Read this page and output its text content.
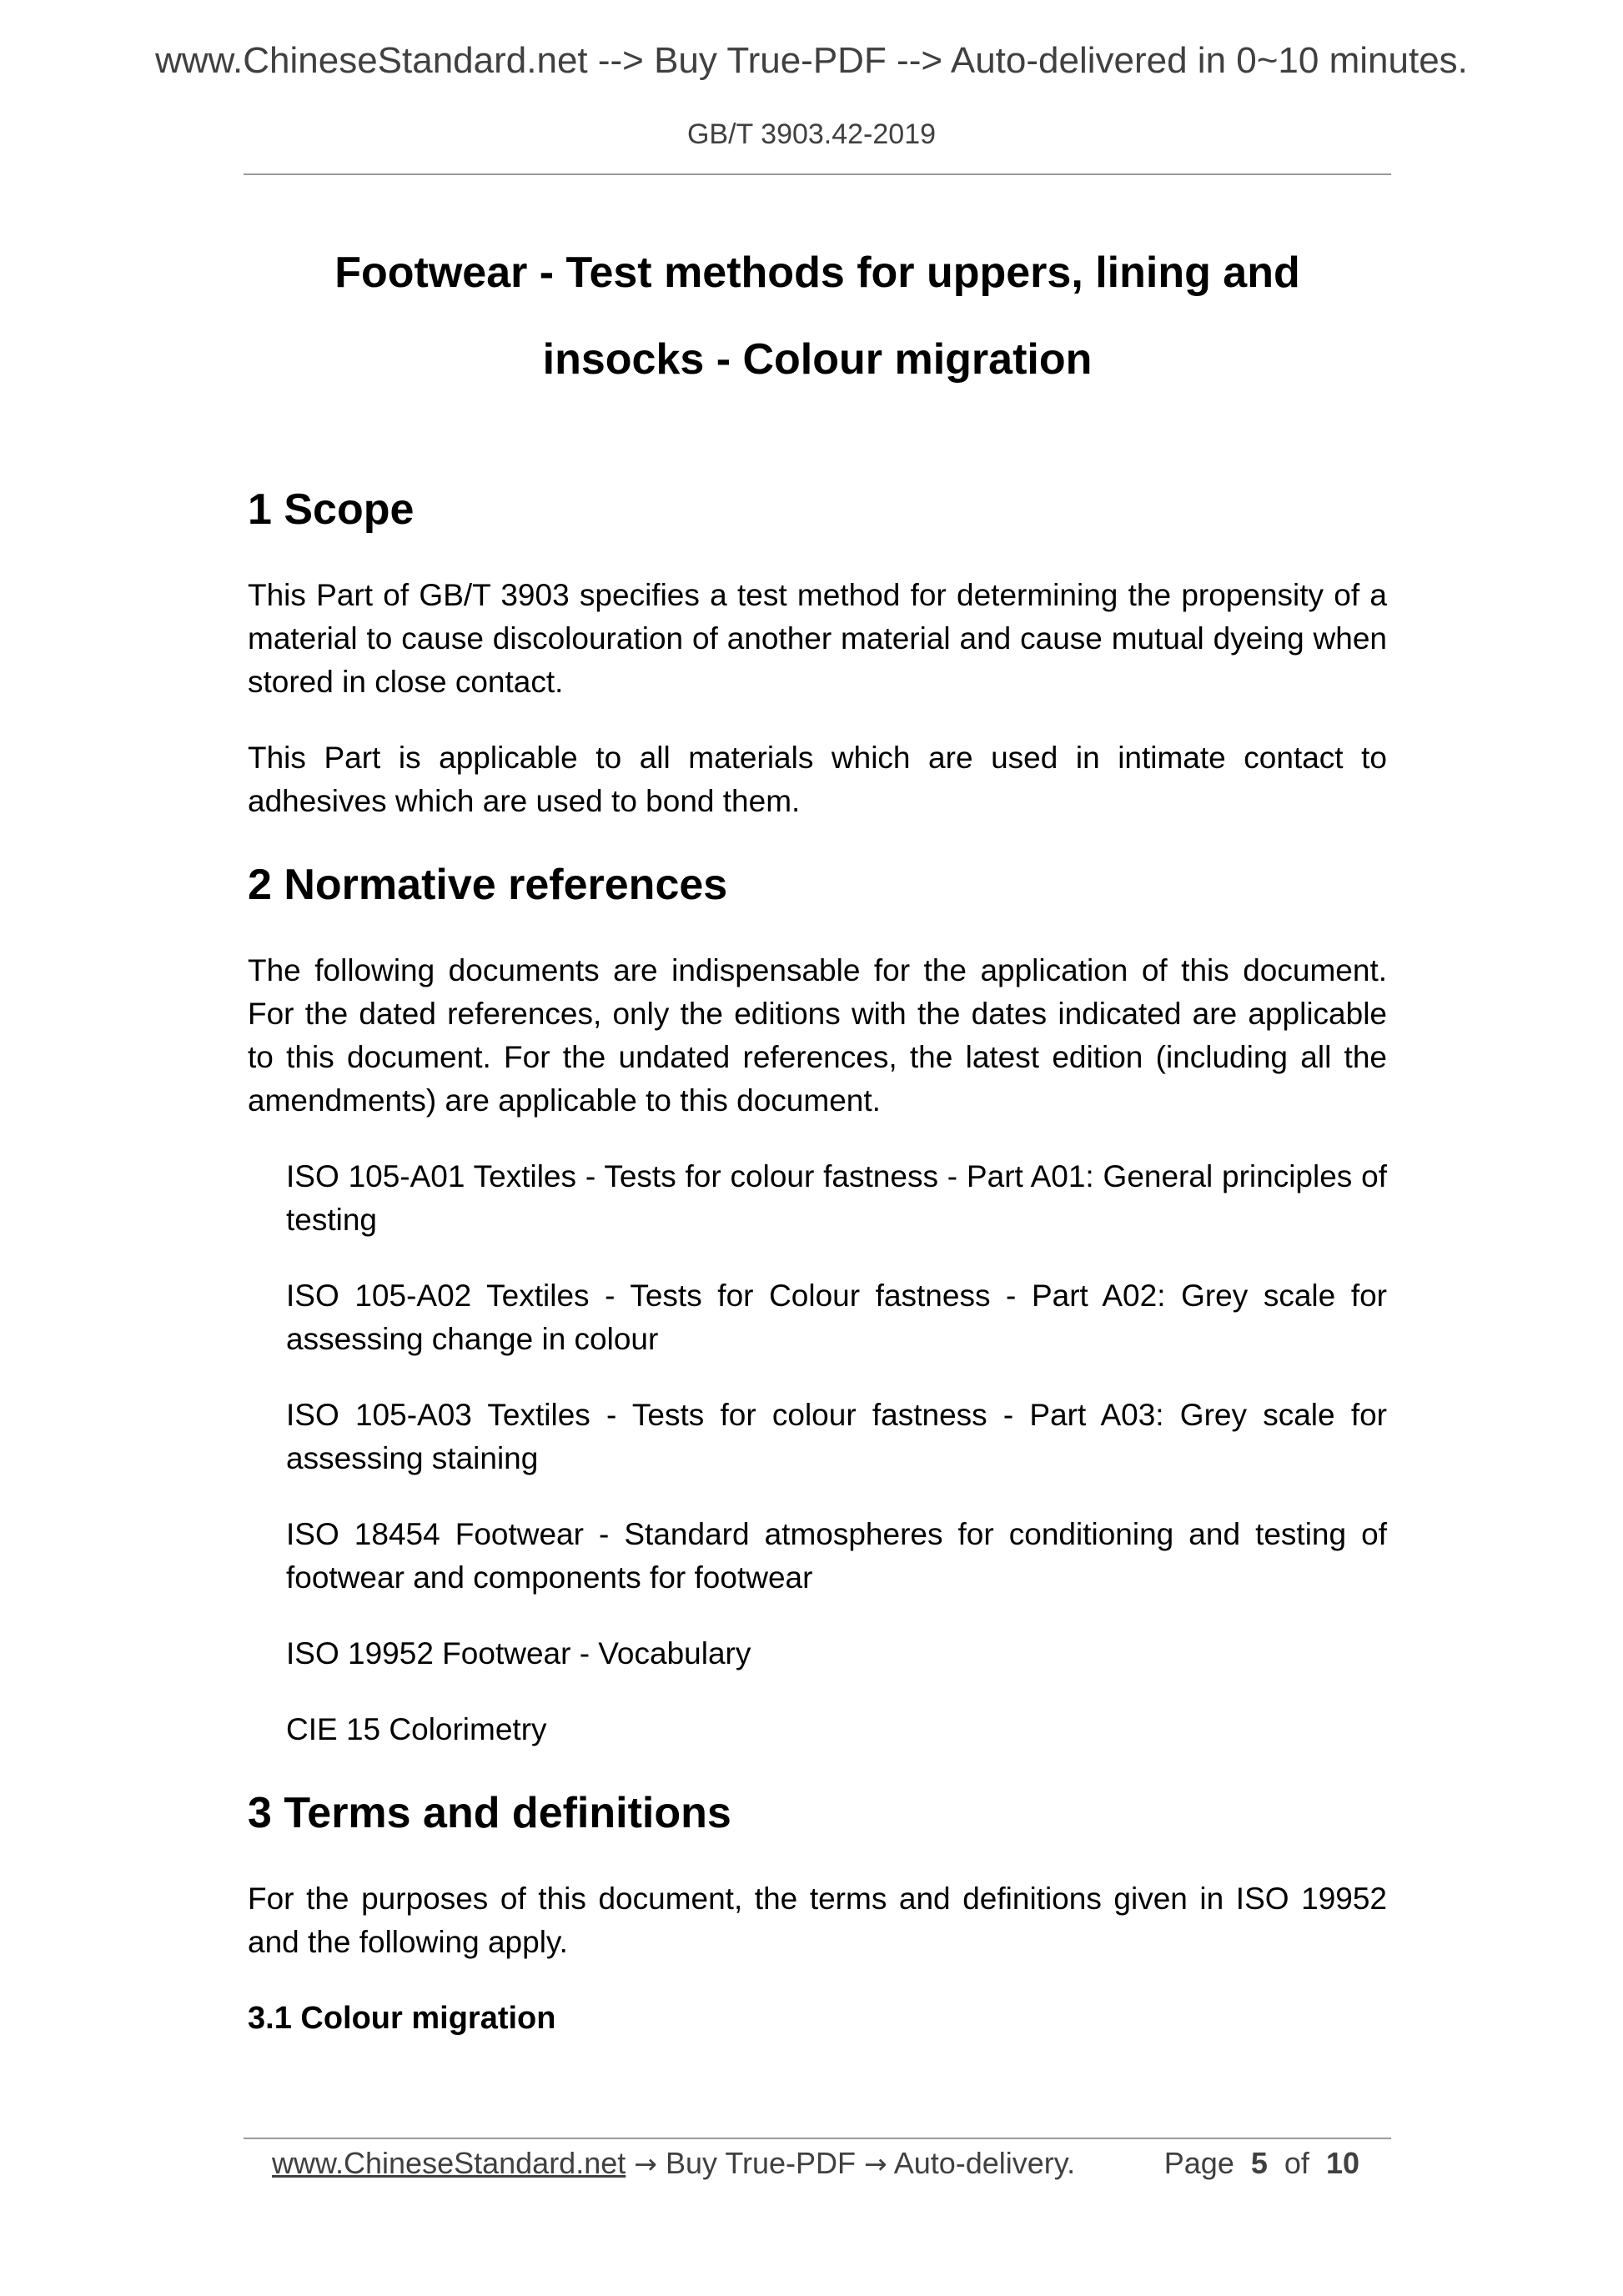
www.ChineseStandard.net --> Buy True-PDF --> Auto-delivered in 0~10 minutes.
GB/T 3903.42-2019
Footwear - Test methods for uppers, lining and
insocks - Colour migration
1 Scope

This Part of GB/T 3903 specifies a test method for determining the propensity of a material to cause discolouration of another material and cause mutual dyeing when stored in close contact.

This Part is applicable to all materials which are used in intimate contact to adhesives which are used to bond them.

2 Normative references

The following documents are indispensable for the application of this document. For the dated references, only the editions with the dates indicated are applicable to this document. For the undated references, the latest edition (including all the amendments) are applicable to this document.

ISO 105-A01 Textiles - Tests for colour fastness - Part A01: General principles of testing
ISO 105-A02 Textiles - Tests for Colour fastness - Part A02: Grey scale for assessing change in colour
ISO 105-A03 Textiles - Tests for colour fastness - Part A03: Grey scale for assessing staining
ISO 18454 Footwear - Standard atmospheres for conditioning and testing of footwear and components for footwear
ISO 19952 Footwear - Vocabulary
CIE 15 Colorimetry
3 Terms and definitions

For the purposes of this document, the terms and definitions given in ISO 19952 and the following apply.

3.1 Colour migration
www.ChineseStandard.net → Buy True-PDF → Auto-delivery.	Page 5 of 10
